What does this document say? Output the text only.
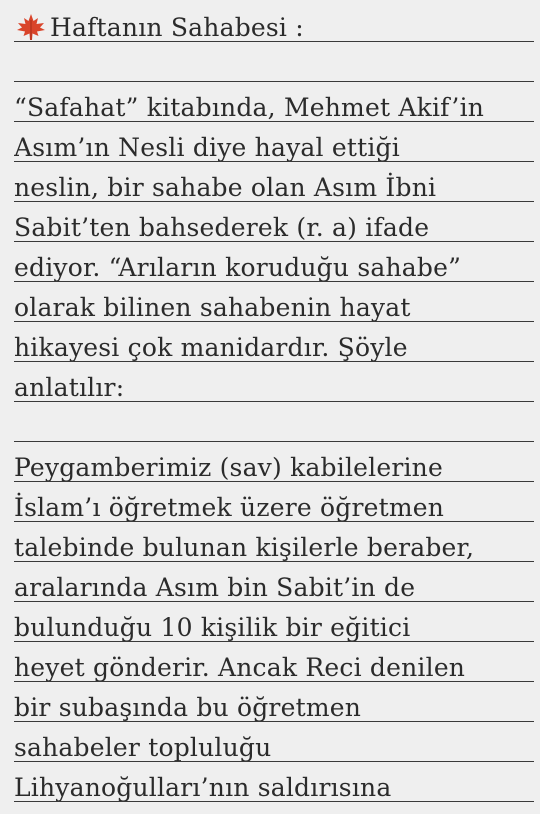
Haftanın Sahabesi :
“Safahat” kitabında, Mehmet Akif’in
Asım’ın Nesli diye hayal ettiği
neslin, bir sahabe olan Asım İbni
Sabit’ten bahsederek (r. a) ifade
ediyor. “Arıların koruduğu sahabe”
olarak bilinen sahabenin hayat
hikayesi çok manidardır. Şöyle
anlatılır:
Peygamberimiz (sav) kabilelerine
İslam’ı öğretmek üzere öğretmen
talebinde bulunan kişilerle beraber,
aralarında Asım bin Sabit’in de
bulunduğu 10 kişilik bir eğitici
heyet gönderir. Ancak Reci denilen
bir subaşında bu öğretmen
sahabeler topluluğu
Lihyanoğulları’nın saldırısına
